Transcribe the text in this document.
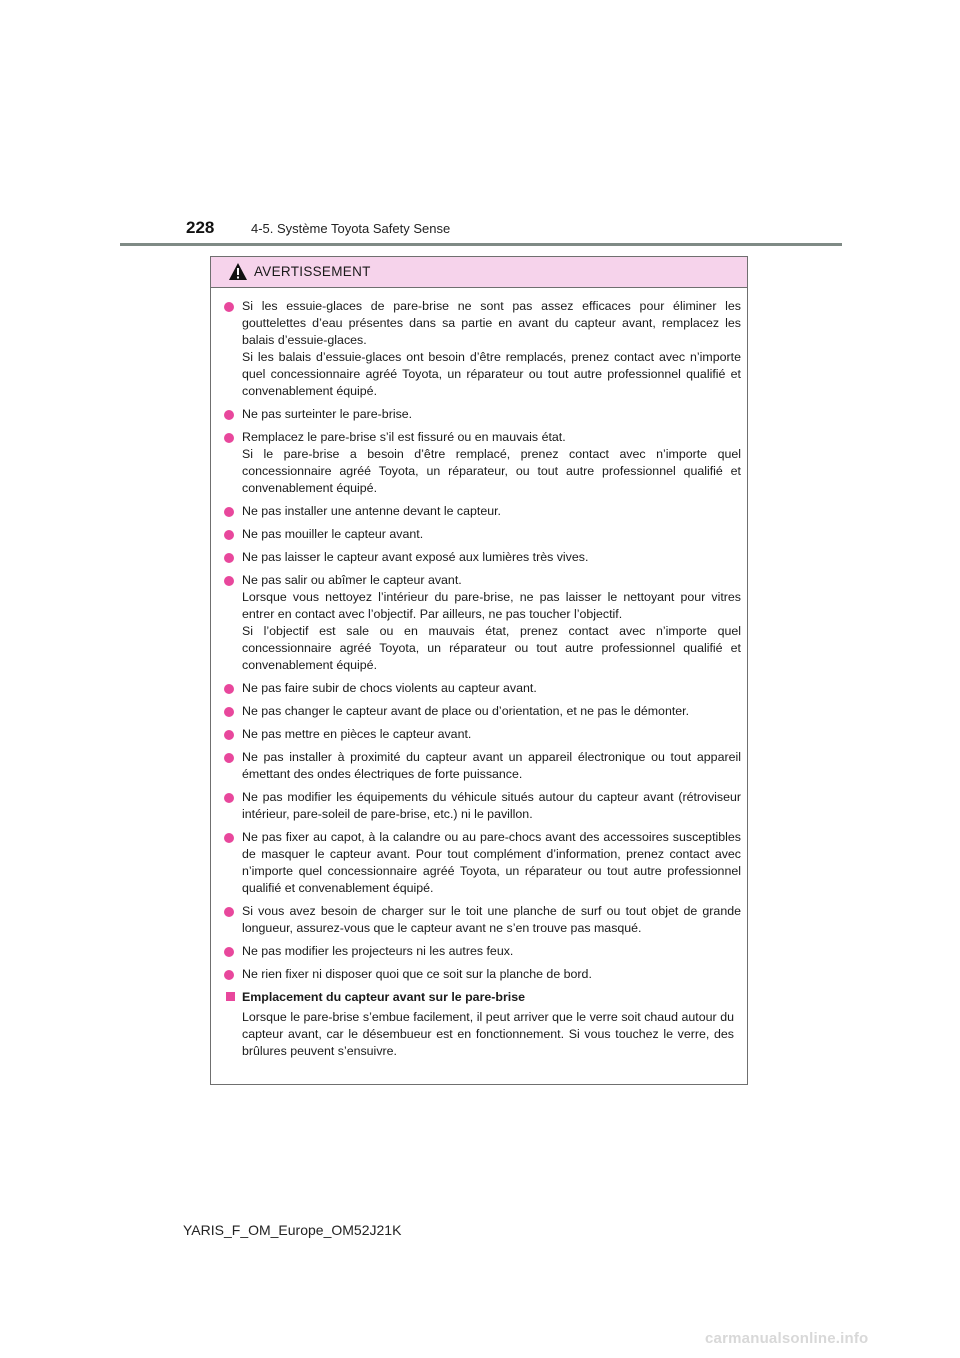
228	4-5. Système Toyota Safety Sense
AVERTISSEMENT
Si les essuie-glaces de pare-brise ne sont pas assez efficaces pour éliminer les gouttelettes d’eau présentes dans sa partie en avant du capteur avant, remplacez les balais d’essuie-glaces.
Si les balais d’essuie-glaces ont besoin d’être remplacés, prenez contact avec n’importe quel concessionnaire agréé Toyota, un réparateur ou tout autre professionnel qualifié et convenablement équipé.
Ne pas surteinter le pare-brise.
Remplacez le pare-brise s’il est fissuré ou en mauvais état.
Si le pare-brise a besoin d’être remplacé, prenez contact avec n’importe quel concessionnaire agréé Toyota, un réparateur, ou tout autre professionnel qualifié et convenablement équipé.
Ne pas installer une antenne devant le capteur.
Ne pas mouiller le capteur avant.
Ne pas laisser le capteur avant exposé aux lumières très vives.
Ne pas salir ou abîmer le capteur avant.
Lorsque vous nettoyez l’intérieur du pare-brise, ne pas laisser le nettoyant pour vitres entrer en contact avec l’objectif. Par ailleurs, ne pas toucher l’objectif.
Si l’objectif est sale ou en mauvais état, prenez contact avec n’importe quel concessionnaire agréé Toyota, un réparateur ou tout autre professionnel qualifié et convenablement équipé.
Ne pas faire subir de chocs violents au capteur avant.
Ne pas changer le capteur avant de place ou d’orientation, et ne pas le démonter.
Ne pas mettre en pièces le capteur avant.
Ne pas installer à proximité du capteur avant un appareil électronique ou tout appareil émettant des ondes électriques de forte puissance.
Ne pas modifier les équipements du véhicule situés autour du capteur avant (rétroviseur intérieur, pare-soleil de pare-brise, etc.) ni le pavillon.
Ne pas fixer au capot, à la calandre ou au pare-chocs avant des accessoires susceptibles de masquer le capteur avant. Pour tout complément d’information, prenez contact avec n’importe quel concessionnaire agréé Toyota, un réparateur ou tout autre professionnel qualifié et convenablement équipé.
Si vous avez besoin de charger sur le toit une planche de surf ou tout objet de grande longueur, assurez-vous que le capteur avant ne s’en trouve pas masqué.
Ne pas modifier les projecteurs ni les autres feux.
Ne rien fixer ni disposer quoi que ce soit sur la planche de bord.
Emplacement du capteur avant sur le pare-brise
Lorsque le pare-brise s’embue facilement, il peut arriver que le verre soit chaud autour du capteur avant, car le désembueur est en fonctionnement. Si vous touchez le verre, des brûlures peuvent s’ensuivre.
YARIS_F_OM_Europe_OM52J21K
carmanualsonline.info
